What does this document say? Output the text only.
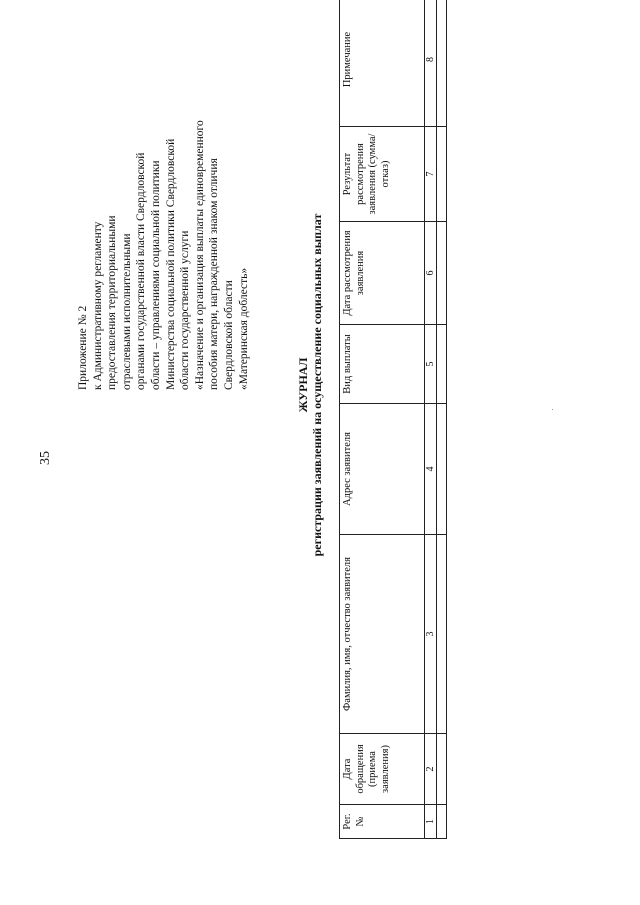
35
Приложение № 2 к Административному регламенту предоставления территориальными отраслевыми исполнительными органами государственной власти Свердловской области – управлениями социальной политики Министерства социальной политики Свердловской области государственной услуги «Назначение и организация выплаты единовременного пособия матери, награжденной знаком отличия Свердловской области «Материнская доблесть»	ЖУРНАЛ регистрации заявлений на осуществление социальных выплат
Рег. №	Дата обращения (приема заявления)	Фамилия, имя, отчество заявителя	Адрес заявителя	Вид выплаты	Дата рассмотрения заявления	Результат рассмотрения заявления (сумма/отказ)	Примечание
1	2	3	4	5	6	7	8
